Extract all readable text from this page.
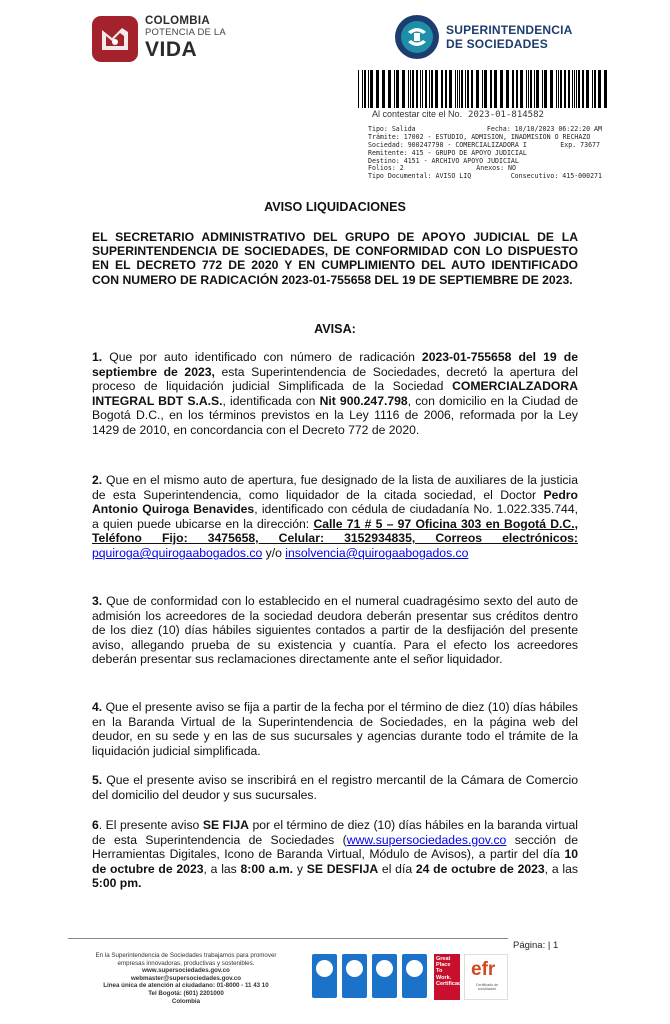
COLOMBIA
POTENCIA DE LA
VIDA
SUPERINTENDENCIA
DE SOCIEDADES
Al contestar cite el No. 2023-01-814582
Tipo: Salida	Fecha: 10/10/2023 06:22:20 AM
Trámite: 17002 - ESTUDIO, ADMISION, INADMISION O RECHAZO
Sociedad: 900247798 - COMERCIALIZADORA I	Exp. 73677
Remitente: 415 - GRUPO DE APOYO JUDICIAL
Destino: 4151 - ARCHIVO APOYO JUDICIAL
Folios: 2	Anexos: NO
Tipo Documental: AVISO LIQ	Consecutivo: 415-000271
AVISO LIQUIDACIONES
EL SECRETARIO ADMINISTRATIVO DEL GRUPO DE APOYO JUDICIAL DE LA SUPERINTENDENCIA DE SOCIEDADES, DE CONFORMIDAD CON LO DISPUESTO EN EL DECRETO 772 DE 2020 Y EN CUMPLIMIENTO DEL AUTO IDENTIFICADO CON NUMERO DE RADICACIÓN 2023-01-755658 DEL 19 DE SEPTIEMBRE DE 2023.
AVISA:
1. Que por auto identificado con número de radicación 2023-01-755658 del 19 de septiembre de 2023, esta Superintendencia de Sociedades, decretó la apertura del proceso de liquidación judicial Simplificada de la Sociedad COMERCIALZADORA INTEGRAL BDT S.A.S., identificada con Nit 900.247.798, con domicilio en la Ciudad de Bogotá D.C., en los términos previstos en la Ley 1116 de 2006, reformada por la Ley 1429 de 2010, en concordancia con el Decreto 772 de 2020.
2. Que en el mismo auto de apertura, fue designado de la lista de auxiliares de la justicia de esta Superintendencia, como liquidador de la citada sociedad, el Doctor Pedro Antonio Quiroga Benavides, identificado con cédula de ciudadanía No. 1.022.335.744, a quien puede ubicarse en la dirección: Calle 71 # 5 – 97 Oficina 303 en Bogotá D.C., Teléfono Fijo: 3475658, Celular: 3152934835, Correos electrónicos: pquiroga@quirogaabogados.co y/o insolvencia@quirogaabogados.co
3. Que de conformidad con lo establecido en el numeral cuadragésimo sexto del auto de admisión los acreedores de la sociedad deudora deberán presentar sus créditos dentro de los diez (10) días hábiles siguientes contados a partir de la desfijación del presente aviso, allegando prueba de su existencia y cuantía. Para el efecto los acreedores deberán presentar sus reclamaciones directamente ante el señor liquidador.
4. Que el presente aviso se fija a partir de la fecha por el término de diez (10) días hábiles en la Baranda Virtual de la Superintendencia de Sociedades, en la página web del deudor, en su sede y en las de sus sucursales y agencias durante todo el trámite de la liquidación judicial simplificada.
5. Que el presente aviso se inscribirá en el registro mercantil de la Cámara de Comercio del domicilio del deudor y sus sucursales.
6. El presente aviso SE FIJA por el término de diez (10) días hábiles en la baranda virtual de esta Superintendencia de Sociedades (www.supersociedades.gov.co sección de Herramientas Digitales, Icono de Baranda Virtual, Módulo de Avisos), a partir del día 10 de octubre de 2023, a las 8:00 a.m. y SE DESFIJA el día 24 de octubre de 2023, a las 5:00 pm.
Página: | 1
En la Superintendencia de Sociedades trabajamos para promover
empresas innovadoras, productivas y sostenibles.
www.supersociedades.gov.co
webmaster@supersociedades.gov.co
Línea única de atención al ciudadano: 01-8000 - 11 43 10
Tel Bogotá: (601) 2201000
Colombia
Great Place To Work. Certificada
efr
Certificado de conciliación
